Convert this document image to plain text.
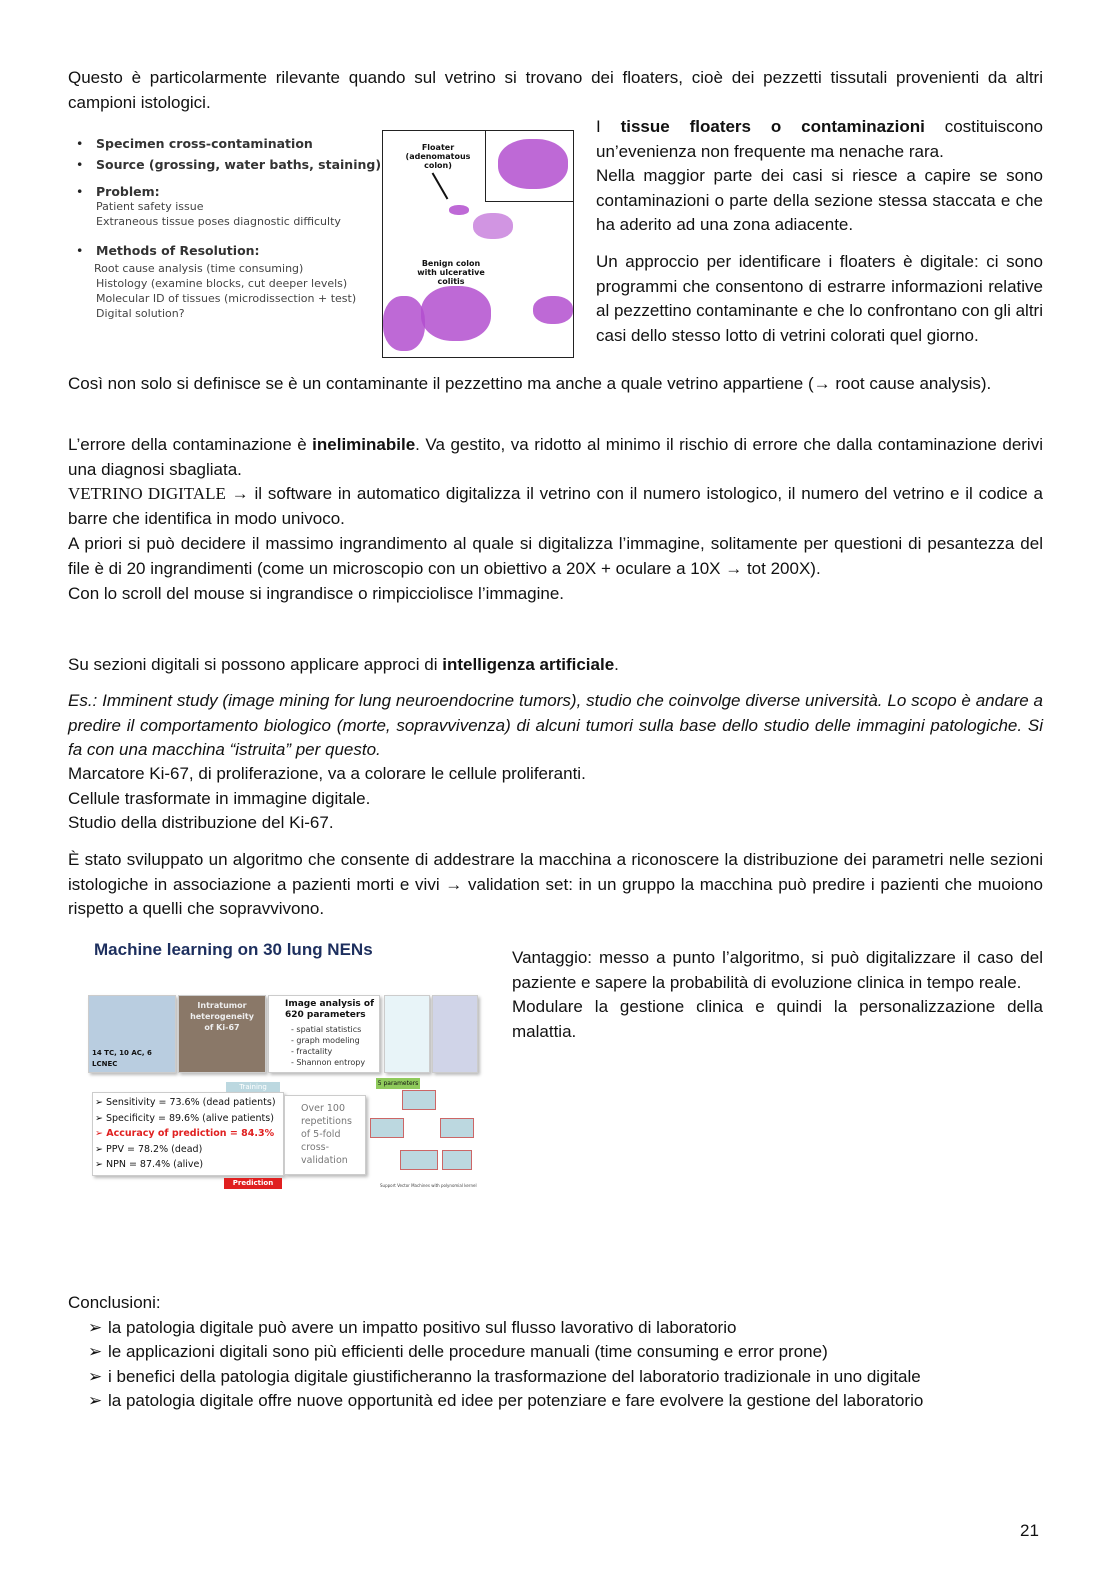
Questo è particolarmente rilevante quando sul vetrino si trovano dei floaters, cioè dei pezzetti tissutali provenienti da altri campioni istologici.
•	Specimen cross-contamination
•	Source (grossing, water baths, staining)
•	Problem:
Patient safety issue
Extraneous tissue poses diagnostic difficulty
•	Methods of Resolution:
Root cause analysis (time consuming)
Histology (examine blocks, cut deeper levels)
Molecular ID of tissues (microdissection + test)
Digital solution?
Floater (adenomatous colon)
Benign colon with ulcerative colitis
I tissue floaters o contaminazioni costituiscono un’evenienza non frequente ma nenache rara.
Nella maggior parte dei casi si riesce a capire se sono contaminazioni o parte della sezione stessa staccata e che ha aderito ad una zona adiacente.
Un approccio per identificare i floaters è digitale: ci sono programmi che consentono di estrarre informazioni relative al pezzettino contaminante e che lo confrontano con gli altri casi dello stesso lotto di vetrini colorati quel giorno.
Così non solo si definisce se è un contaminante il pezzettino ma anche a quale vetrino appartiene (→ root cause analysis).
L’errore della contaminazione è ineliminabile. Va gestito, va ridotto al minimo il rischio di errore che dalla contaminazione derivi una diagnosi sbagliata.
VETRINO DIGITALE → il software in automatico digitalizza il vetrino con il numero istologico, il numero del vetrino e il codice a barre che identifica in modo univoco.
A priori si può decidere il massimo ingrandimento al quale si digitalizza l’immagine, solitamente per questioni di pesantezza del file è di 20 ingrandimenti (come un microscopio con un obiettivo a 20X + oculare a 10X → tot 200X).
Con lo scroll del mouse si ingrandisce o rimpicciolisce l’immagine.
Su sezioni digitali si possono applicare approci di intelligenza artificiale.
Es.: Imminent study (image mining for lung neuroendocrine tumors), studio che coinvolge diverse università. Lo scopo è andare a predire il comportamento biologico (morte, sopravvivenza) di alcuni tumori sulla base dello studio delle immagini patologiche. Si fa con una macchina “istruita” per questo.
Marcatore Ki-67, di proliferazione, va a colorare le cellule proliferanti.
Cellule trasformate in immagine digitale.
Studio della distribuzione del Ki-67.
È stato sviluppato un algoritmo che consente di addestrare la macchina a riconoscere la distribuzione dei parametri nelle sezioni istologiche in associazione a pazienti morti e vivi → validation set: in un gruppo la macchina può predire i pazienti che muoiono rispetto a quelli che sopravvivono.
Machine learning on 30 lung NENs
14 TC, 10 AC, 6 LCNEC
Intratumor heterogeneity of Ki-67
Image analysis of 620 parameters
- spatial statistics
- graph modeling
- fractality
- Shannon entropy
Training	5 parameters
➢ Sensitivity = 73.6% (dead patients)
➢ Specificity = 89.6% (alive patients)
➢ Accuracy of prediction = 84.3%
➢ PPV = 78.2% (dead)
➢ NPN = 87.4% (alive)
Over 100 repetitions of 5-fold cross-validation
Prediction	Support Vector Machines with polynomial kernel
Vantaggio: messo a punto l’algoritmo, si può digitalizzare il caso del paziente e sapere la probabilità di evoluzione clinica in tempo reale.
Modulare la gestione clinica e quindi la personalizzazione della malattia.
Conclusioni:
➢ la patologia digitale può avere un impatto positivo sul flusso lavorativo di laboratorio
➢ le applicazioni digitali sono più efficienti delle procedure manuali (time consuming e error prone)
➢ i benefici della patologia digitale giustificheranno la trasformazione del laboratorio tradizionale in uno digitale
➢ la patologia digitale offre nuove opportunità ed idee per potenziare e fare evolvere la gestione del laboratorio
21
